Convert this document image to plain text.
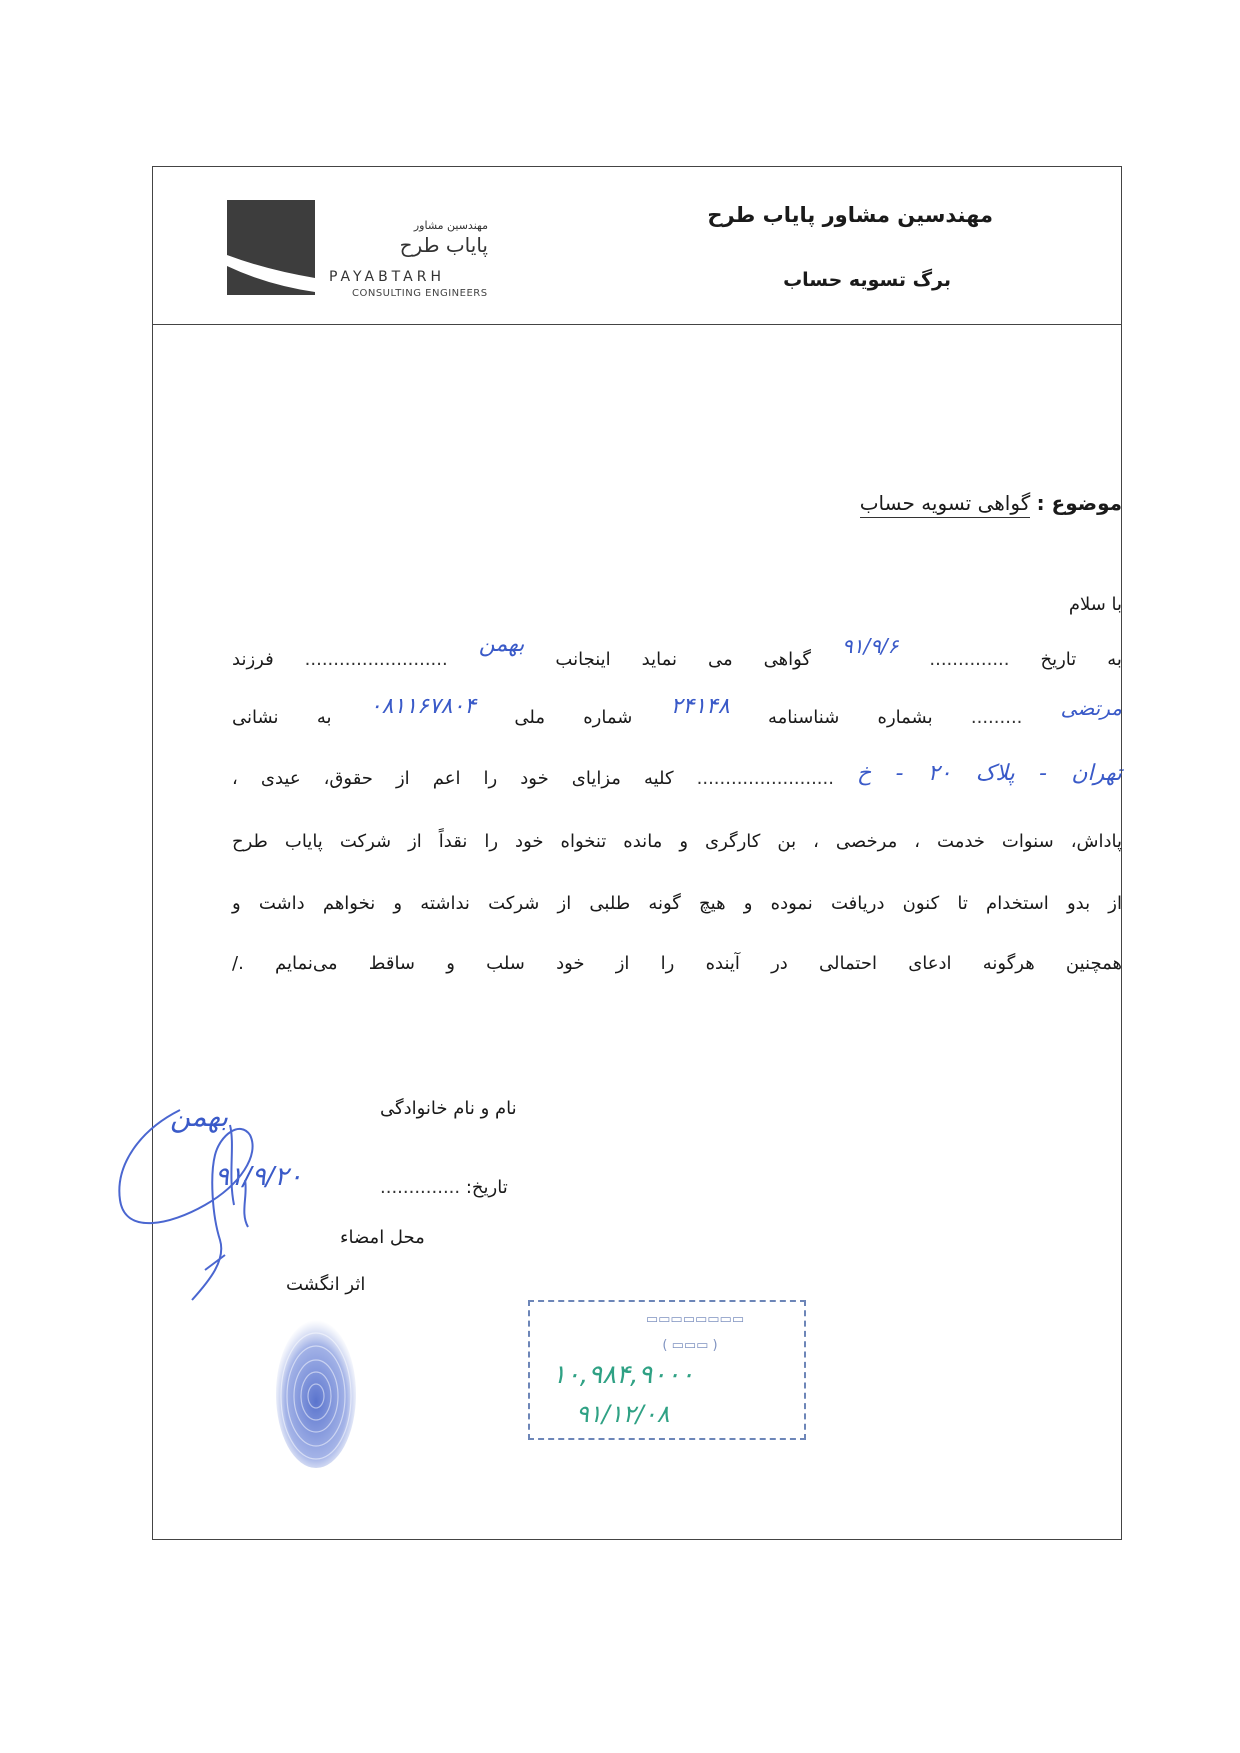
مهندسین مشاور
پایاب طرح
PAYABTARH
CONSULTING ENGINEERS
مهندسین مشاور پایاب طرح
برگ تسویه حساب
موضوع : گواهی تسویه حساب
با سلام
به تاریخ .............. ۹۱/۹/۶ گواهی می نماید اینجانب بهمن ......................... فرزند
مرتضی ......... بشماره شناسنامه ۲۴۱۴۸ شماره ملی ۰۸۱۱۶۷۸۰۴ به نشانی
تهران - پلاک ۲۰ - خ ........................ کلیه مزایای خود را اعم از حقوق، عیدی ،
پاداش، سنوات خدمت ، مرخصی ، بن کارگری و مانده تنخواه خود را نقداً از شرکت پایاب طرح
از بدو استخدام تا کنون دریافت نموده و هیچ گونه طلبی از شرکت نداشته و نخواهم داشت و
همچنین هرگونه ادعای احتمالی در آینده را از خود سلب و ساقط می‌نمایم ./
نام و نام خانوادگی
بهمن
تاریخ: ..............
۹۱/۹/۲۰
محل امضاء
اثر انگشت
▭▭▭▭▭▭▭▭
( ▭▭▭ )
۱۰,۹۸۴,۹۰۰۰
۹۱/۱۲/۰۸
